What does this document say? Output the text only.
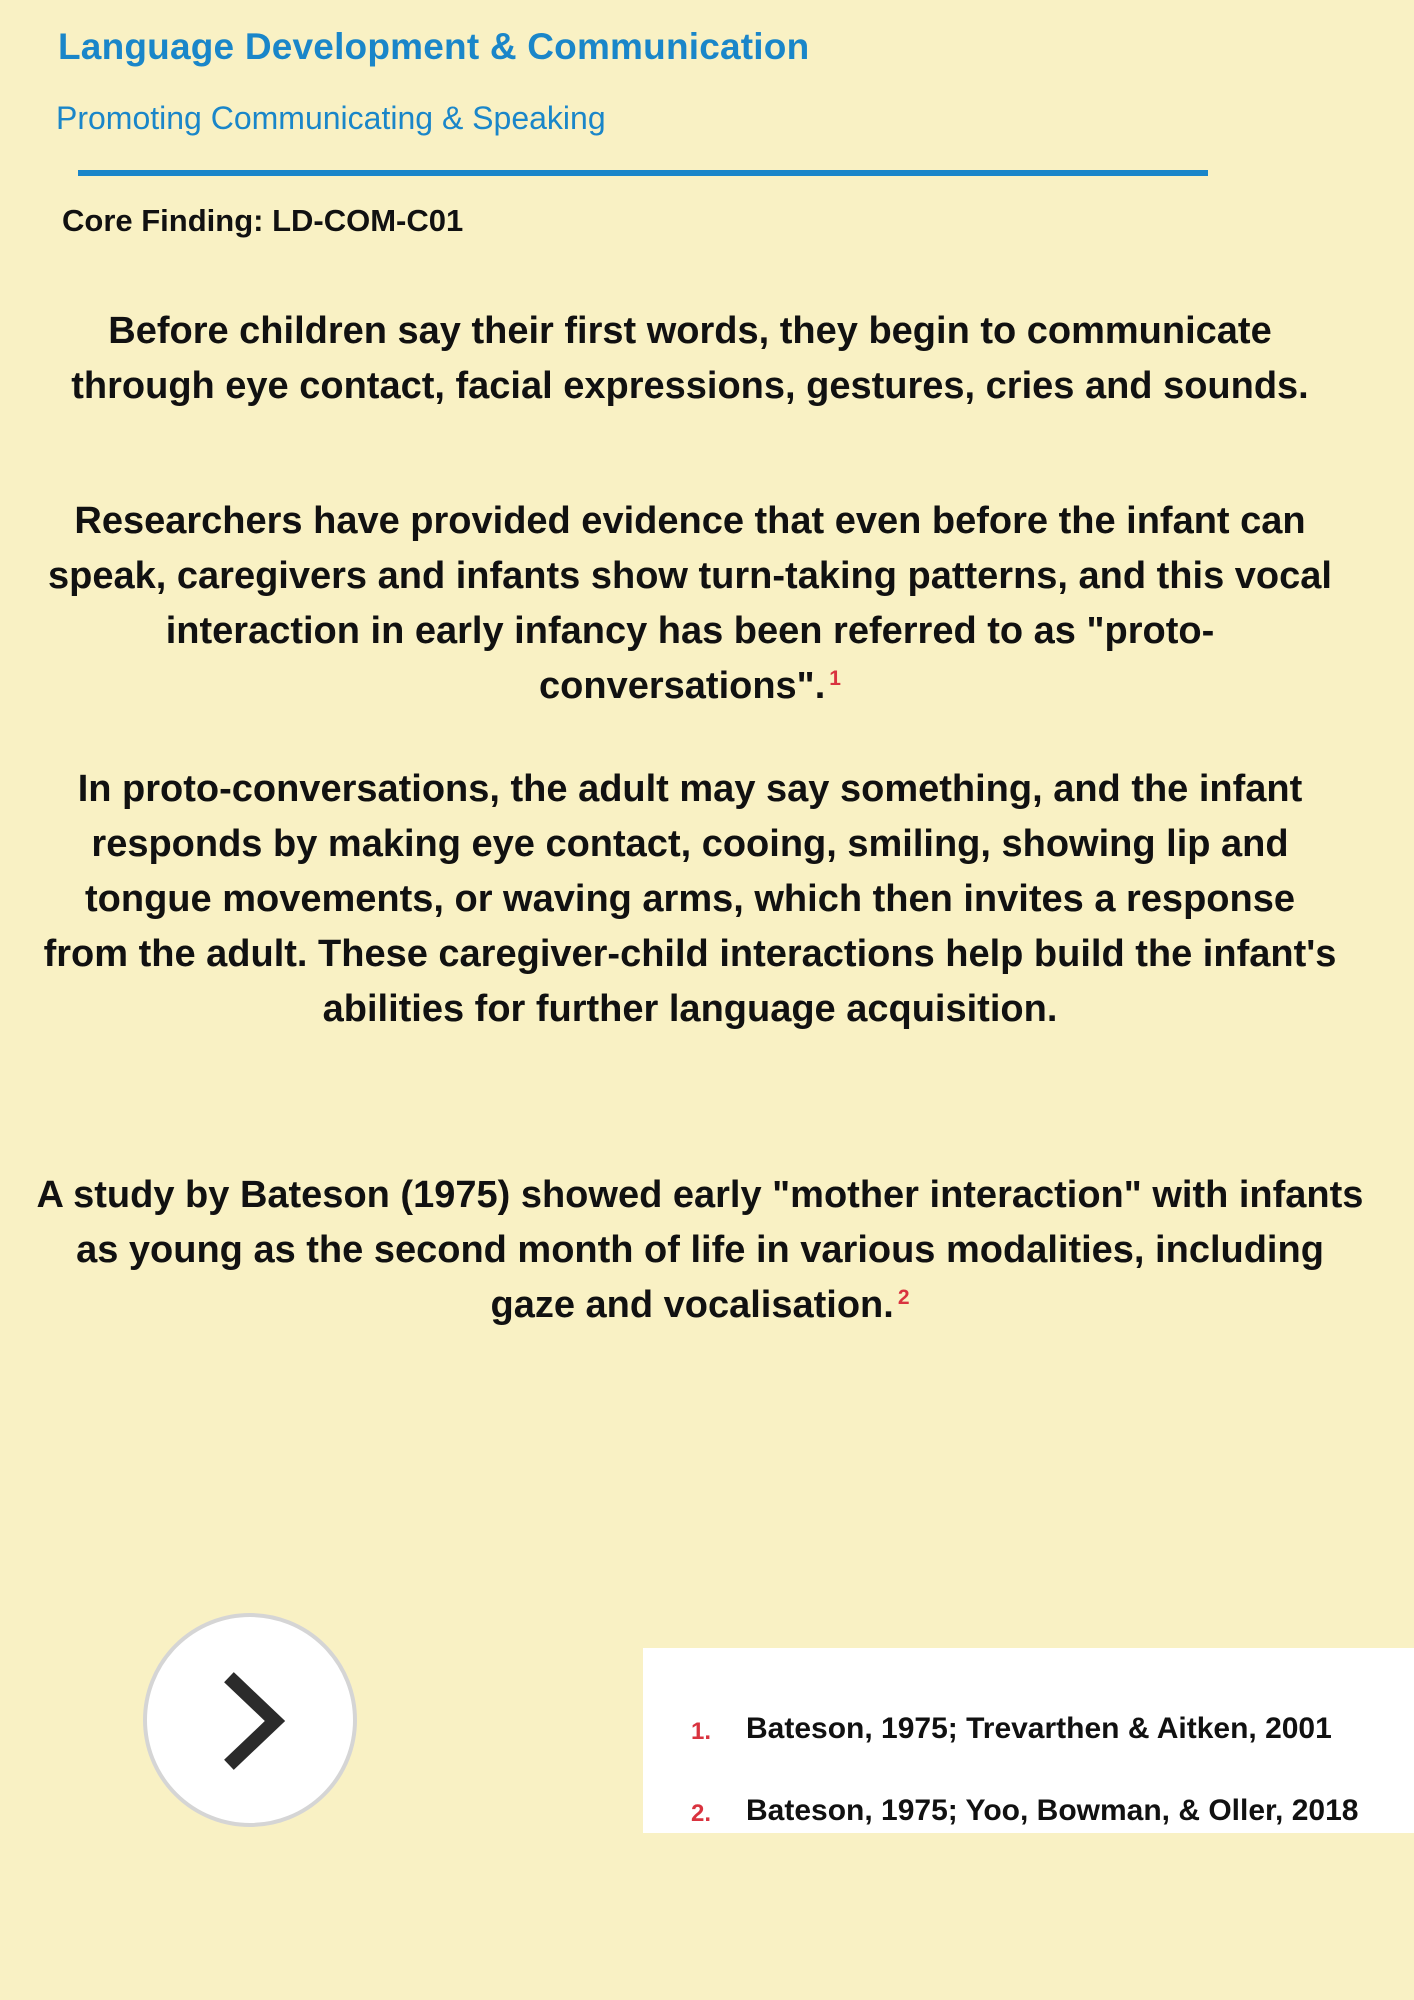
Language Development & Communication
Promoting Communicating & Speaking
Core Finding: LD-COM-C01
Before children say their first words, they begin to communicate through eye contact, facial expressions, gestures, cries and sounds.
Researchers have provided evidence that even before the infant can speak, caregivers and infants show turn-taking patterns, and this vocal interaction in early infancy has been referred to as "proto-conversations". $^1$
In proto-conversations, the adult may say something, and the infant responds by making eye contact, cooing, smiling, showing lip and tongue movements, or waving arms, which then invites a response from the adult. These caregiver-child interactions help build the infant's abilities for further language acquisition.
A study by Bateson (1975) showed early "mother interaction" with infants as young as the second month of life in various modalities, including gaze and vocalisation. $^2$
1. Bateson, 1975; Trevarthen & Aitken, 2001
2. Bateson, 1975; Yoo, Bowman, & Oller, 2018
